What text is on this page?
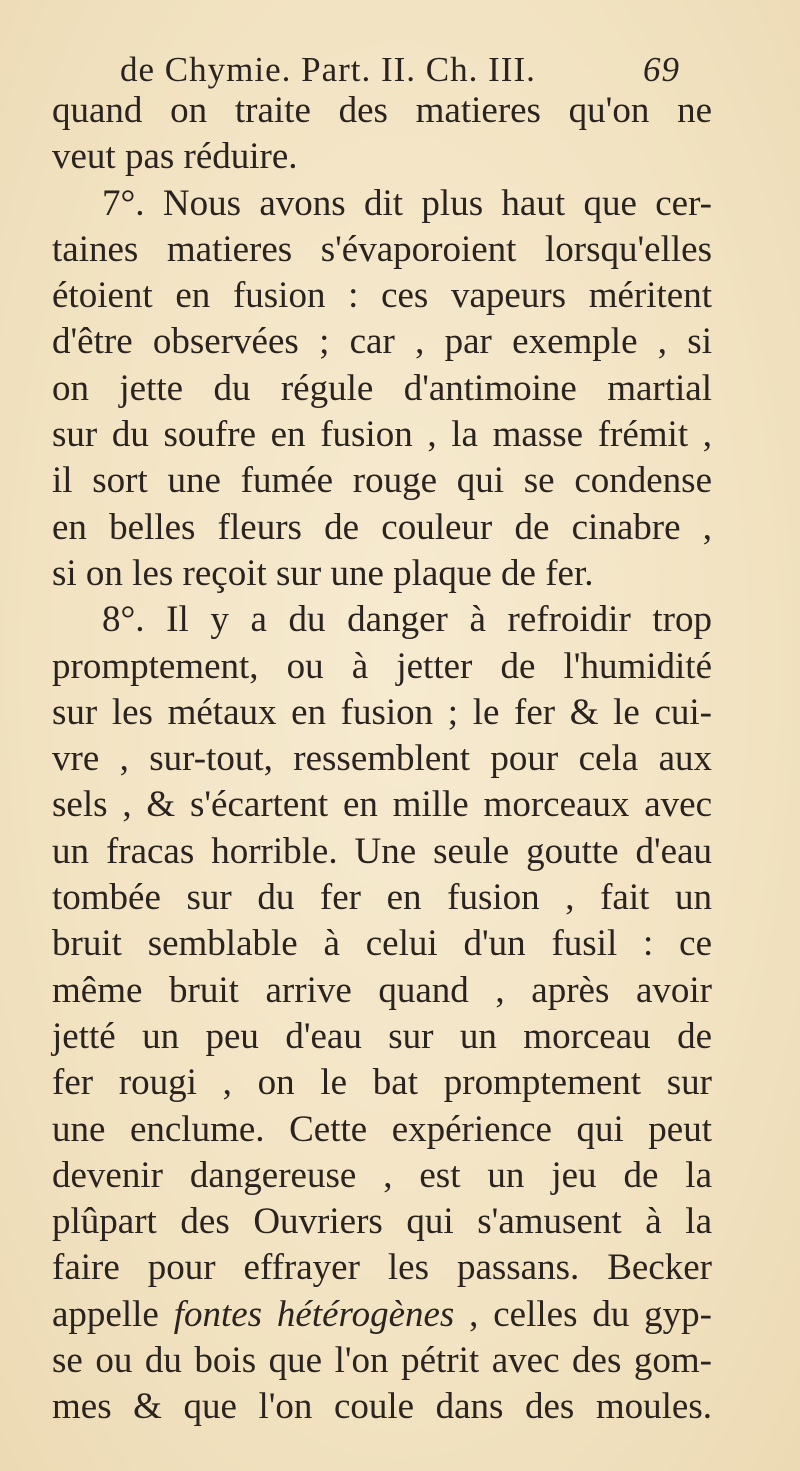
de Chymie. Part. II. Ch. III.	69
quand on traite des matieres qu'on ne
veut pas réduire.
7°. Nous avons dit plus haut que cer-
taines matieres s'évaporoient lorsqu'elles
étoient en fusion : ces vapeurs méritent
d'être observées ; car , par exemple , si
on jette du régule d'antimoine martial
sur du soufre en fusion , la masse frémit ,
il sort une fumée rouge qui se condense
en belles fleurs de couleur de cinabre ,
si on les reçoit sur une plaque de fer.
8°. Il y a du danger à refroidir trop
promptement, ou à jetter de l'humidité
sur les métaux en fusion ; le fer & le cui-
vre , sur-tout, ressemblent pour cela aux
sels , & s'écartent en mille morceaux avec
un fracas horrible. Une seule goutte d'eau
tombée sur du fer en fusion , fait un
bruit semblable à celui d'un fusil : ce
même bruit arrive quand , après avoir
jetté un peu d'eau sur un morceau de
fer rougi , on le bat promptement sur
une enclume. Cette expérience qui peut
devenir dangereuse , est un jeu de la
plûpart des Ouvriers qui s'amusent à la
faire pour effrayer les passans. Becker
appelle fontes hétérogènes , celles du gyp-
se ou du bois que l'on pétrit avec des gom-
mes & que l'on coule dans des moules.
